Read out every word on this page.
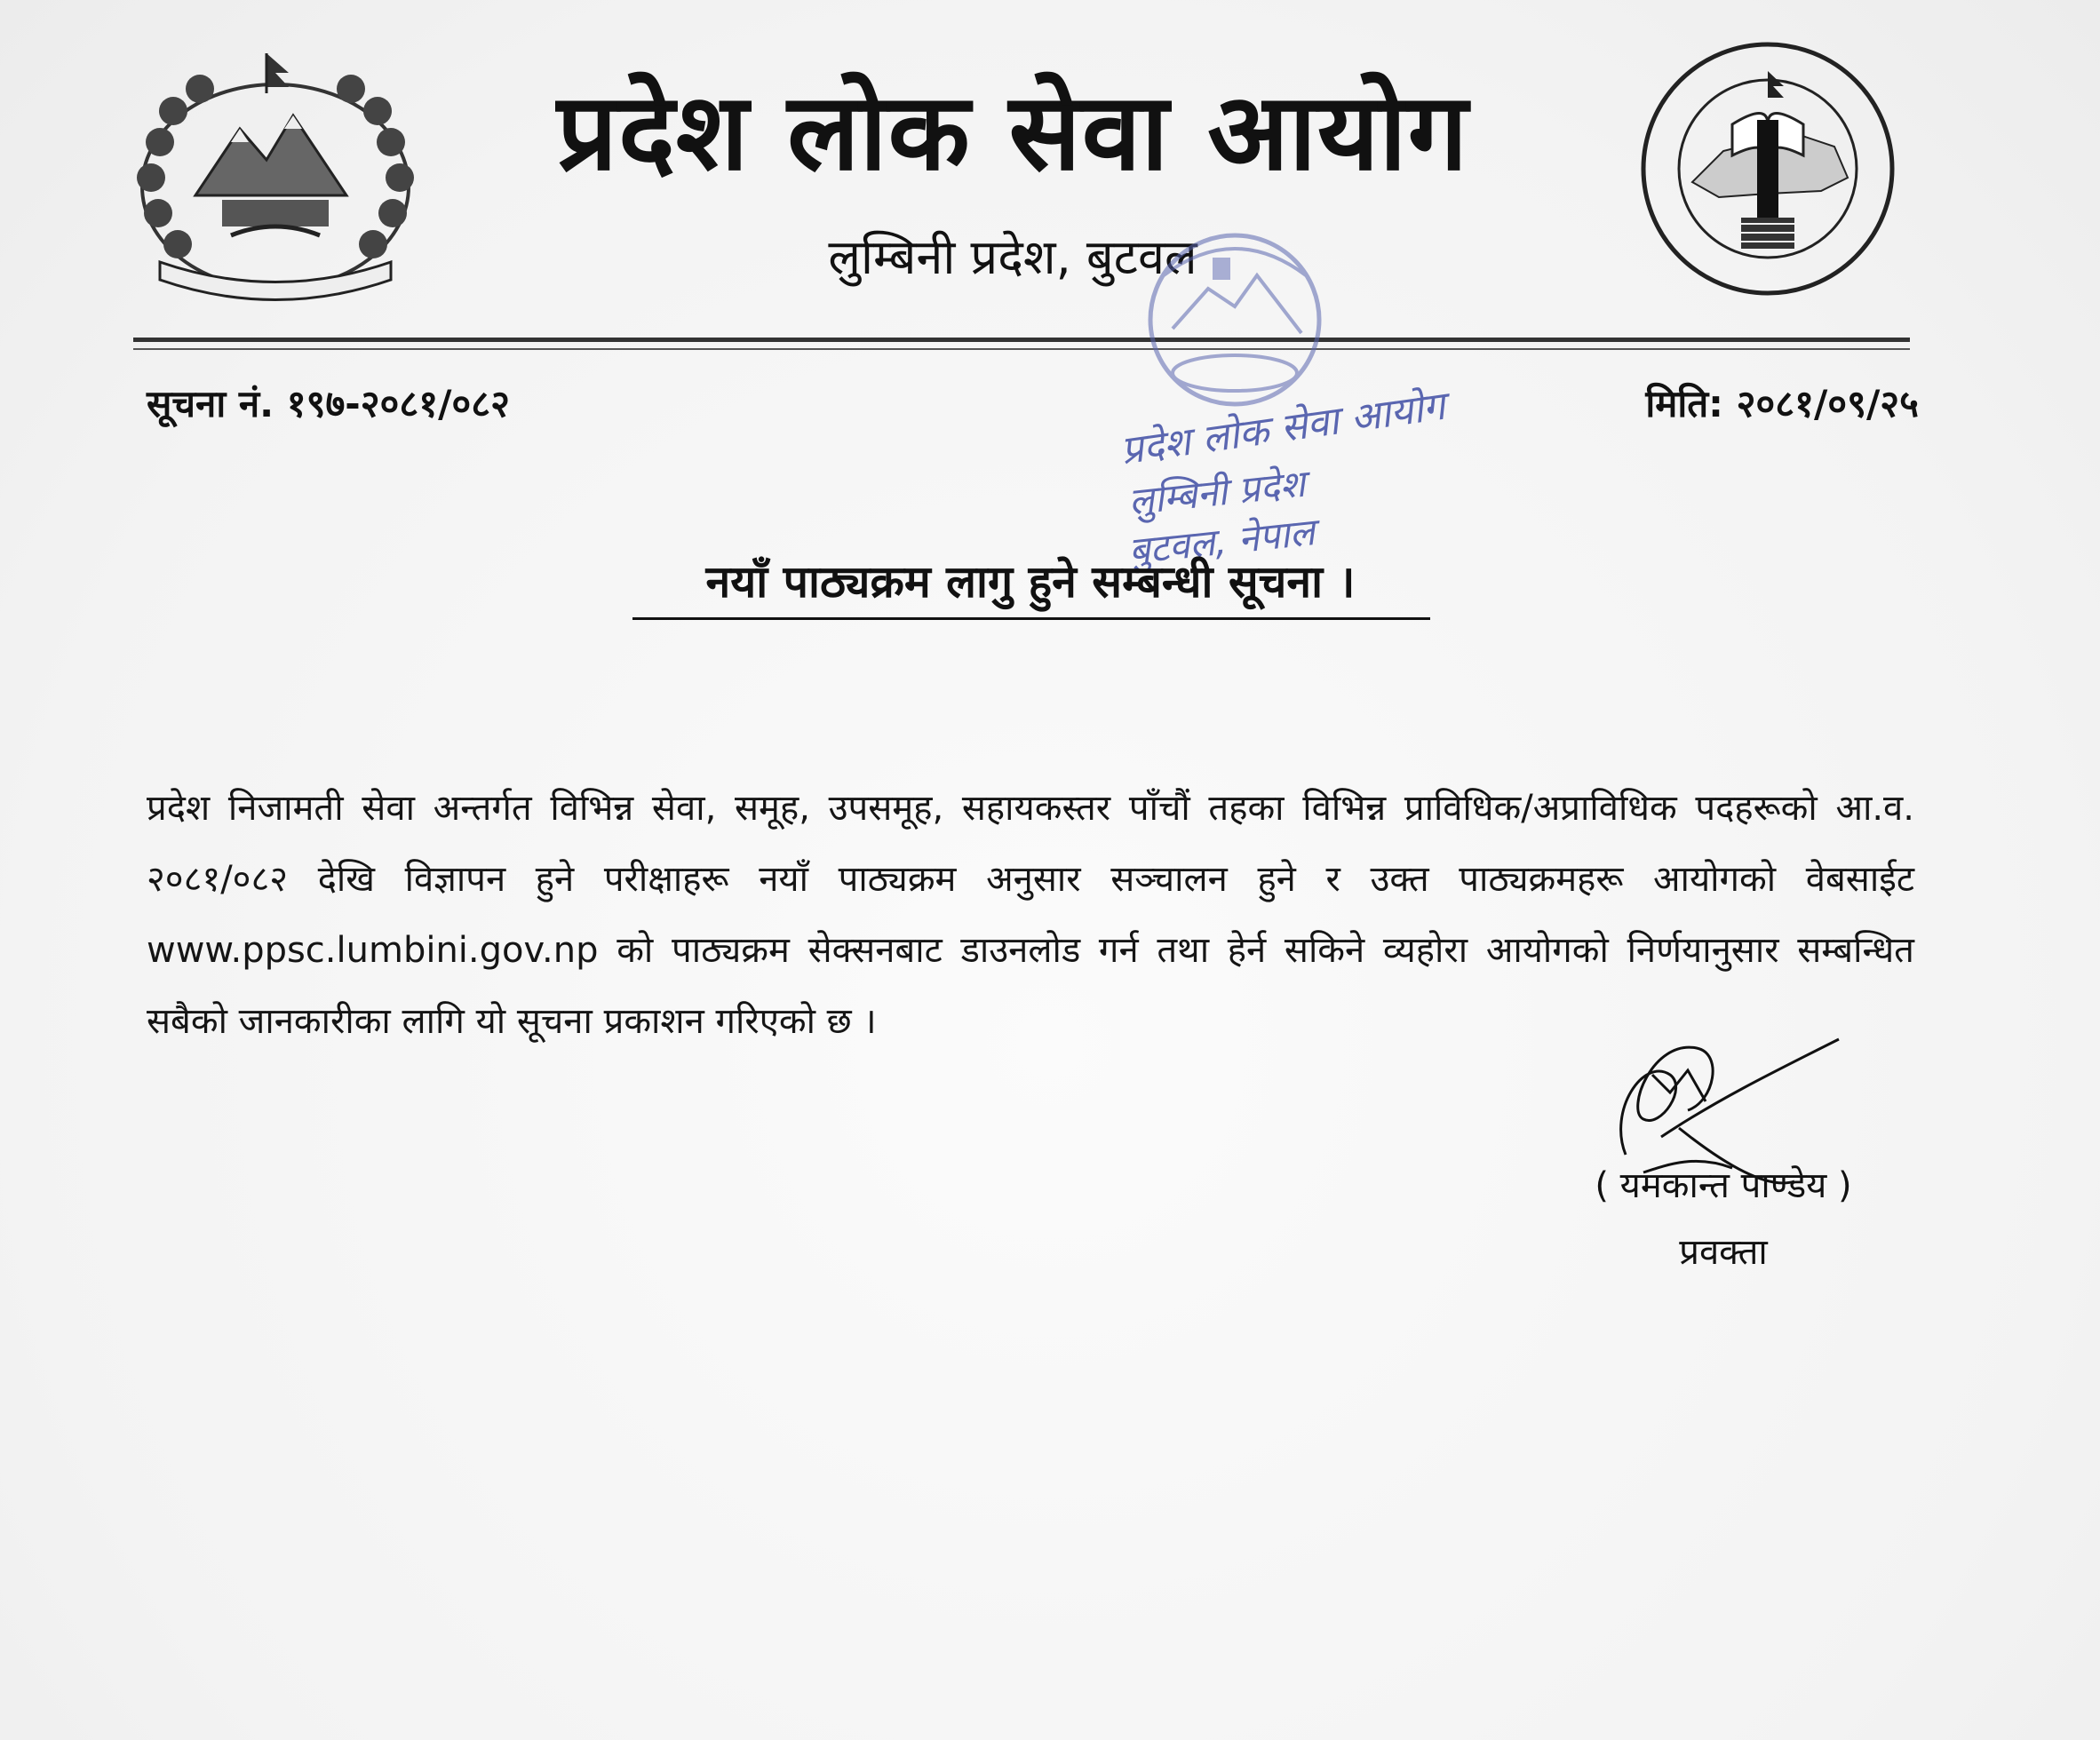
प्रदेश लोक सेवा आयोग
लुम्बिनी प्रदेश, बुटवल
सूचना नं. १९७-२०८१/०८२	मिति: २०८१/०९/२५
प्रदेश लोक सेवा आयोग
लुम्बिनी प्रदेश
बुटवल, नेपाल
नयाँ पाठ्यक्रम लागु हुने सम्बन्धी सूचना ।
प्रदेश निजामती सेवा अन्तर्गत विभिन्न सेवा, समूह, उपसमूह, सहायकस्तर पाँचौं तहका विभिन्न प्राविधिक/अप्राविधिक पदहरूको आ.व. २०८१/०८२ देखि विज्ञापन हुने परीक्षाहरू नयाँ पाठ्यक्रम अनुसार सञ्चालन हुने र उक्त पाठ्यक्रमहरू आयोगको वेबसाईट www.ppsc.lumbini.gov.np को पाठ्यक्रम सेक्सनबाट डाउनलोड गर्न तथा हेर्न सकिने व्यहोरा आयोगको निर्णयानुसार सम्बन्धित सबैको जानकारीका लागि यो सूचना प्रकाशन गरिएको छ ।
( यमकान्त पाण्डेय )
प्रवक्ता
